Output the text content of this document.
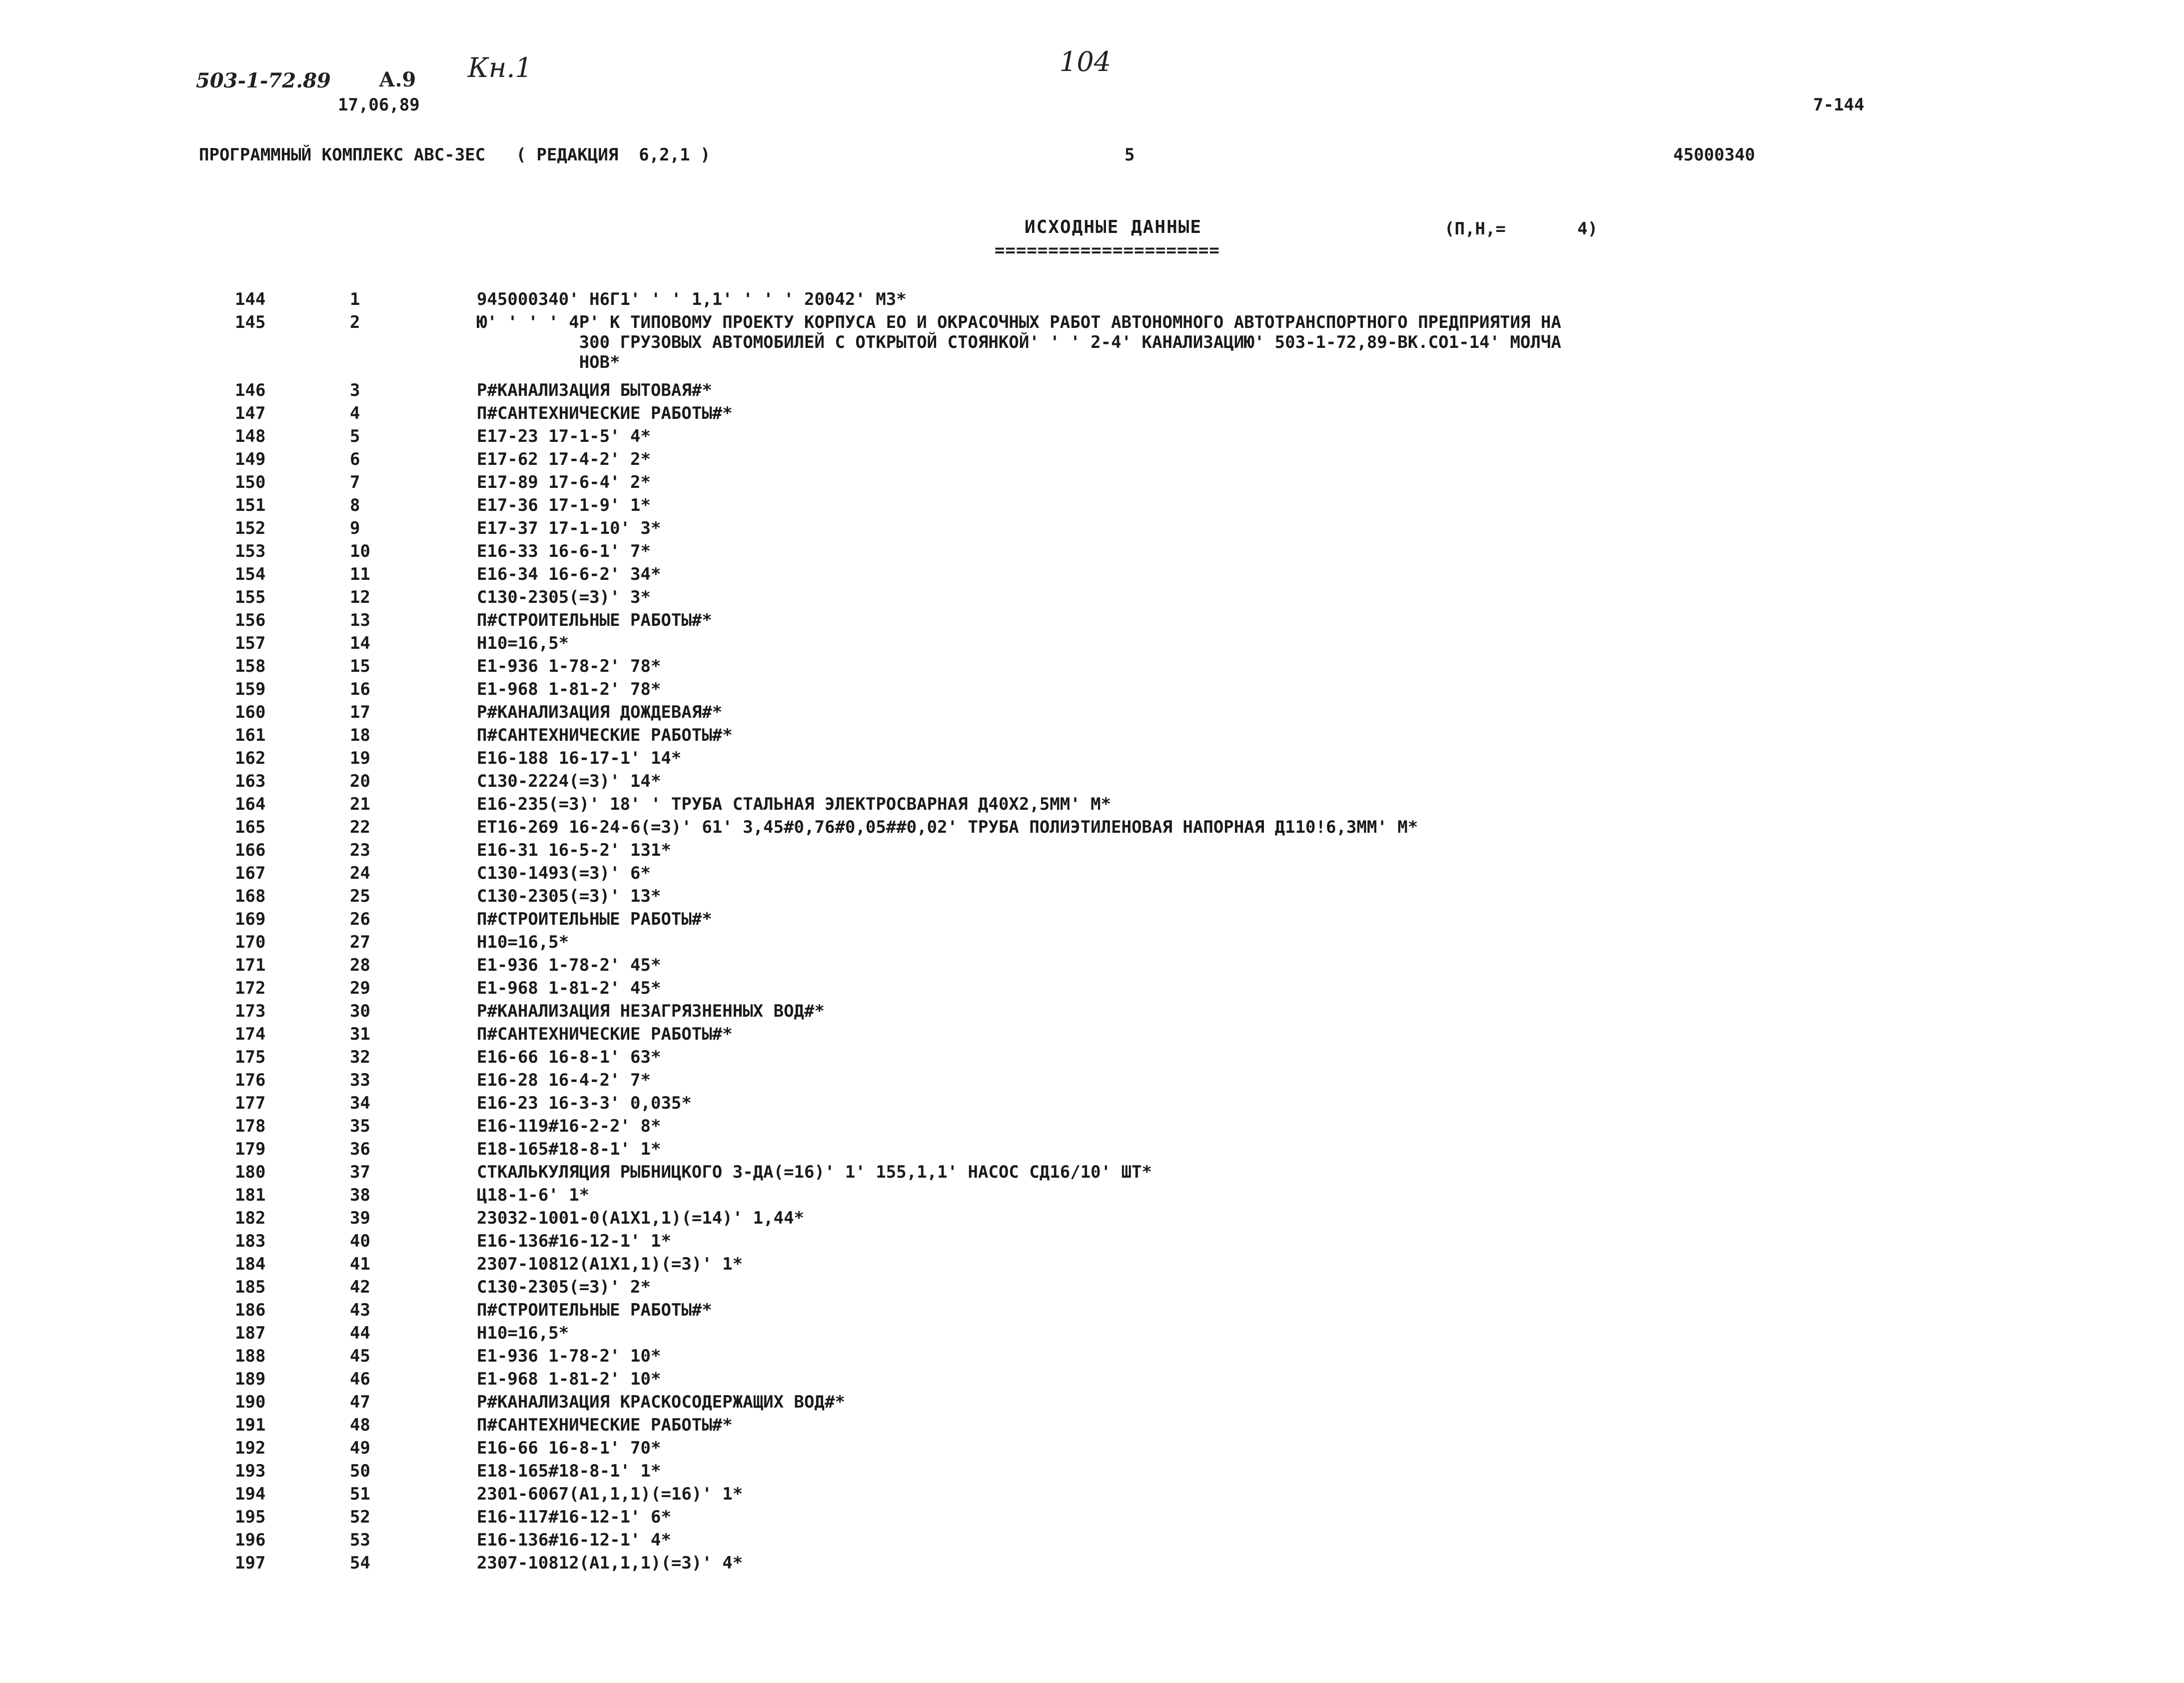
503-1-72.89 А.9 Кн.1	104
17,06,89	7-144
ПРОГРАММНЫЙ КОМПЛЕКС АВС-3ЕС   ( РЕДАКЦИЯ  6,2,1 )	5	45000340
ИСХОДНЫЕ ДАННЫЕ
=====================
(П,Н,=       4)
144	1	945000340' Н6Г1' ' ' 1,1' ' ' ' 20042' М3*
145	2	Ю' ' ' ' 4Р' К ТИПОВОМУ ПРОЕКТУ КОРПУСА ЕО И ОКРАСОЧНЫХ РАБОТ АВТОНОМНОГО АВТОТРАНСПОРТНОГО ПРЕДПРИЯТИЯ НА
300 ГРУЗОВЫХ АВТОМОБИЛЕЙ С ОТКРЫТОЙ СТОЯНКОЙ' ' ' 2-4' КАНАЛИЗАЦИЮ' 503-1-72,89-ВК.СО1-14' МОЛЧА
НОВ*
146	3	Р#КАНАЛИЗАЦИЯ БЫТОВАЯ#*
147	4	П#САНТЕХНИЧЕСКИЕ РАБОТЫ#*
148	5	Е17-23 17-1-5' 4*
149	6	Е17-62 17-4-2' 2*
150	7	Е17-89 17-6-4' 2*
151	8	Е17-36 17-1-9' 1*
152	9	Е17-37 17-1-10' 3*
153	10	Е16-33 16-6-1' 7*
154	11	Е16-34 16-6-2' 34*
155	12	С130-2305(=3)' 3*
156	13	П#СТРОИТЕЛЬНЫЕ РАБОТЫ#*
157	14	Н10=16,5*
158	15	Е1-936 1-78-2' 78*
159	16	Е1-968 1-81-2' 78*
160	17	Р#КАНАЛИЗАЦИЯ ДОЖДЕВАЯ#*
161	18	П#САНТЕХНИЧЕСКИЕ РАБОТЫ#*
162	19	Е16-188 16-17-1' 14*
163	20	С130-2224(=3)' 14*
164	21	Е16-235(=3)' 18' ' ТРУБА СТАЛЬНАЯ ЭЛЕКТРОСВАРНАЯ Д40Х2,5ММ' М*
165	22	ЕТ16-269 16-24-6(=3)' 61' 3,45#0,76#0,05##0,02' ТРУБА ПОЛИЭТИЛЕНОВАЯ НАПОРНАЯ Д110!6,3ММ' М*
166	23	Е16-31 16-5-2' 131*
167	24	С130-1493(=3)' 6*
168	25	С130-2305(=3)' 13*
169	26	П#СТРОИТЕЛЬНЫЕ РАБОТЫ#*
170	27	Н10=16,5*
171	28	Е1-936 1-78-2' 45*
172	29	Е1-968 1-81-2' 45*
173	30	Р#КАНАЛИЗАЦИЯ НЕЗАГРЯЗНЕННЫХ ВОД#*
174	31	П#САНТЕХНИЧЕСКИЕ РАБОТЫ#*
175	32	Е16-66 16-8-1' 63*
176	33	Е16-28 16-4-2' 7*
177	34	Е16-23 16-3-3' 0,035*
178	35	Е16-119#16-2-2' 8*
179	36	Е18-165#18-8-1' 1*
180	37	СТКАЛЬКУЛЯЦИЯ РЫБНИЦКОГО 3-ДА(=16)' 1' 155,1,1' НАСОС СД16/10' ШТ*
181	38	Ц18-1-6' 1*
182	39	23032-1001-0(А1Х1,1)(=14)' 1,44*
183	40	Е16-136#16-12-1' 1*
184	41	2307-10812(А1Х1,1)(=3)' 1*
185	42	С130-2305(=3)' 2*
186	43	П#СТРОИТЕЛЬНЫЕ РАБОТЫ#*
187	44	Н10=16,5*
188	45	Е1-936 1-78-2' 10*
189	46	Е1-968 1-81-2' 10*
190	47	Р#КАНАЛИЗАЦИЯ КРАСКОСОДЕРЖАЩИХ ВОД#*
191	48	П#САНТЕХНИЧЕСКИЕ РАБОТЫ#*
192	49	Е16-66 16-8-1' 70*
193	50	Е18-165#18-8-1' 1*
194	51	2301-6067(А1,1,1)(=16)' 1*
195	52	Е16-117#16-12-1' 6*
196	53	Е16-136#16-12-1' 4*
197	54	2307-10812(А1,1,1)(=3)' 4*
